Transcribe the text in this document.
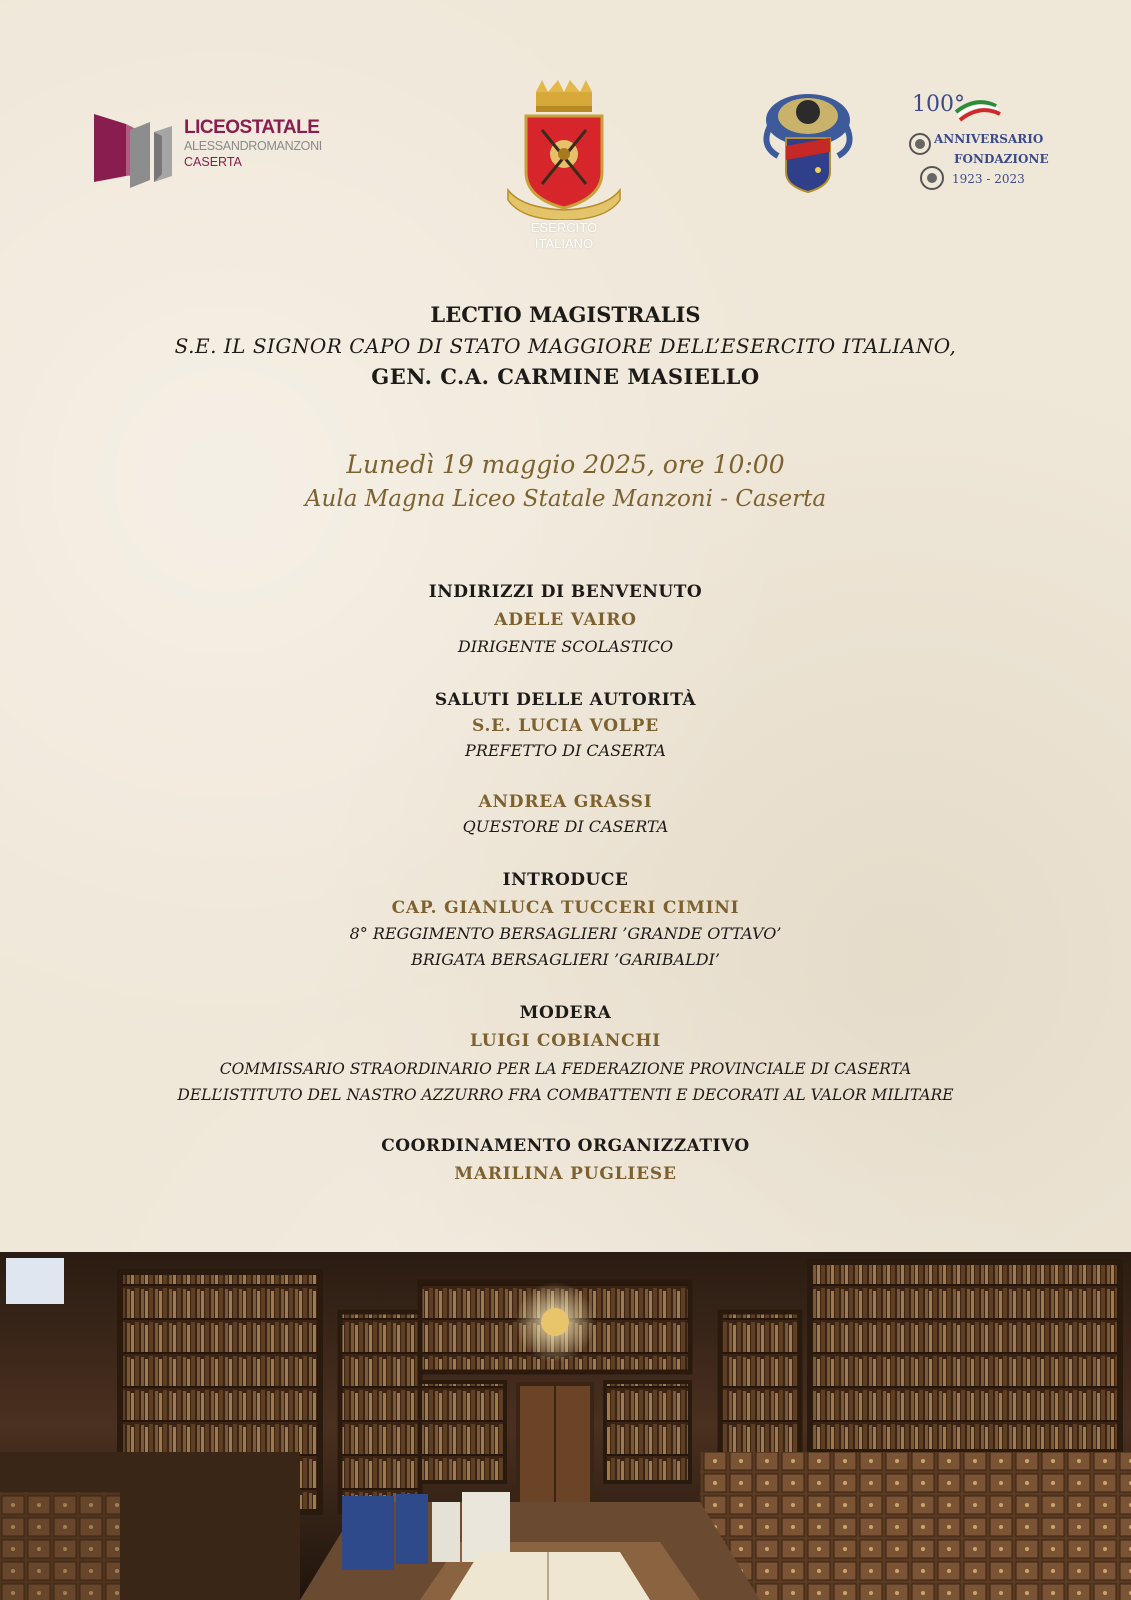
LICEOSTATALE
ALESSANDROMANZONI
CASERTA
ESERCITO
ITALIANO
100°
ANNIVERSARIO
FONDAZIONE
1923 - 2023
LECTIO MAGISTRALIS
S.E. IL SIGNOR CAPO DI STATO MAGGIORE DELL’ESERCITO ITALIANO,
GEN. C.A. CARMINE MASIELLO
Lunedì 19 maggio 2025, ore 10:00
Aula Magna Liceo Statale Manzoni - Caserta
INDIRIZZI DI BENVENUTO
ADELE VAIRO
DIRIGENTE SCOLASTICO
SALUTI DELLE AUTORITÀ
S.E. LUCIA VOLPE
PREFETTO DI CASERTA
ANDREA GRASSI
QUESTORE DI CASERTA
INTRODUCE
CAP. GIANLUCA TUCCERI CIMINI
8° REGGIMENTO BERSAGLIERI ’GRANDE OTTAVO’
BRIGATA BERSAGLIERI ’GARIBALDI’
MODERA
LUIGI COBIANCHI
COMMISSARIO STRAORDINARIO PER LA FEDERAZIONE PROVINCIALE DI CASERTA
DELL’ISTITUTO DEL NASTRO AZZURRO FRA COMBATTENTI E DECORATI AL VALOR MILITARE
COORDINAMENTO ORGANIZZATIVO
MARILINA PUGLIESE
